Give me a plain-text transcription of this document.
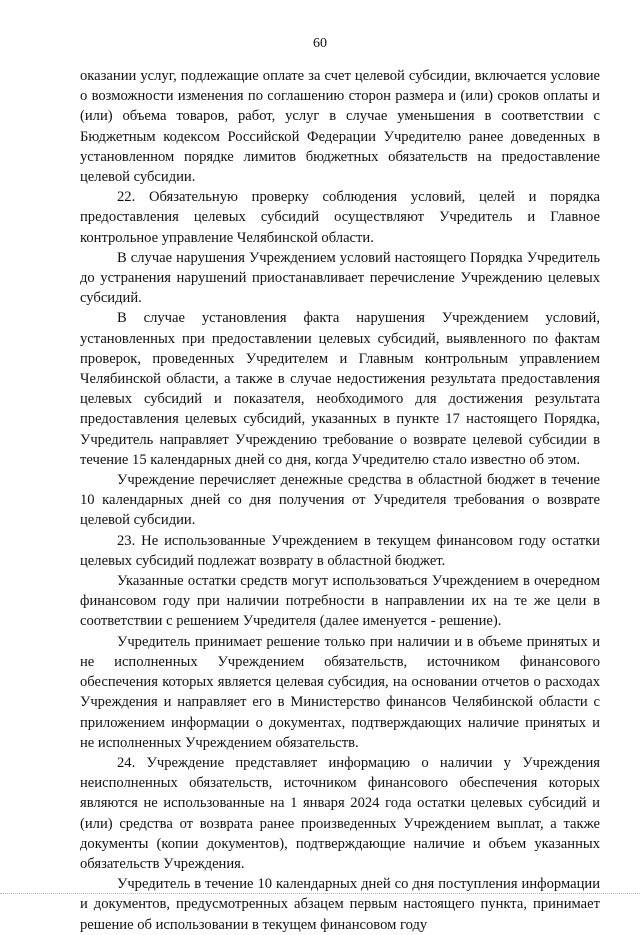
60

оказании услуг, подлежащие оплате за счет целевой субсидии, включается условие о возможности изменения по соглашению сторон размера и (или) сроков оплаты и (или) объема товаров, работ, услуг в случае уменьшения в соответствии с Бюджетным кодексом Российской Федерации Учредителю ранее доведенных в установленном порядке лимитов бюджетных обязательств на предоставление целевой субсидии.

22. Обязательную проверку соблюдения условий, целей и порядка предоставления целевых субсидий осуществляют Учредитель и Главное контрольное управление Челябинской области.

В случае нарушения Учреждением условий настоящего Порядка Учредитель до устранения нарушений приостанавливает перечисление Учреждению целевых субсидий.

В случае установления факта нарушения Учреждением условий, установленных при предоставлении целевых субсидий, выявленного по фактам проверок, проведенных Учредителем и Главным контрольным управлением Челябинской области, а также в случае недостижения результата предоставления целевых субсидий и показателя, необходимого для достижения результата предоставления целевых субсидий, указанных в пункте 17 настоящего Порядка, Учредитель направляет Учреждению требование о возврате целевой субсидии в течение 15 календарных дней со дня, когда Учредителю стало известно об этом.

Учреждение перечисляет денежные средства в областной бюджет в течение 10 календарных дней со дня получения от Учредителя требования о возврате целевой субсидии.

23. Не использованные Учреждением в текущем финансовом году остатки целевых субсидий подлежат возврату в областной бюджет.

Указанные остатки средств могут использоваться Учреждением в очередном финансовом году при наличии потребности в направлении их на те же цели в соответствии с решением Учредителя (далее именуется - решение).

Учредитель принимает решение только при наличии и в объеме принятых и не исполненных Учреждением обязательств, источником финансового обеспечения которых является целевая субсидия, на основании отчетов о расходах Учреждения и направляет его в Министерство финансов Челябинской области с приложением информации о документах, подтверждающих наличие принятых и не исполненных Учреждением обязательств.

24. Учреждение представляет информацию о наличии у Учреждения неисполненных обязательств, источником финансового обеспечения которых являются не использованные на 1 января 2024 года остатки целевых субсидий и (или) средства от возврата ранее произведенных Учреждением выплат, а также документы (копии документов), подтверждающие наличие и объем указанных обязательств Учреждения.

Учредитель в течение 10 календарных дней со дня поступления информации и документов, предусмотренных абзацем первым настоящего пункта, принимает решение об использовании в текущем финансовом году
